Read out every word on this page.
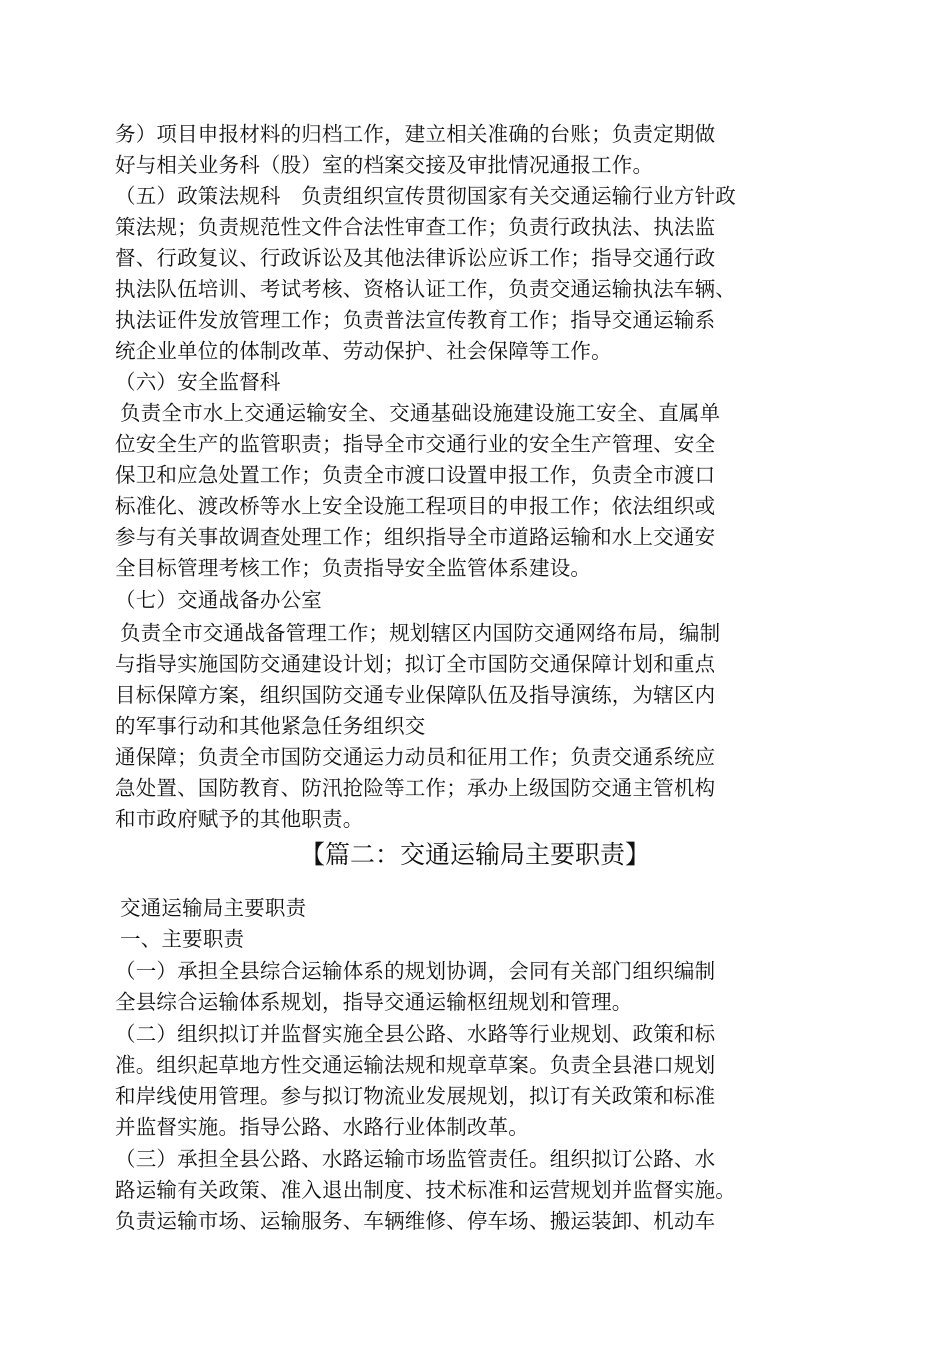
务）项目申报材料的归档工作，建立相关准确的台账；负责定期做
好与相关业务科（股）室的档案交接及审批情况通报工作。
（五）政策法规科　负责组织宣传贯彻国家有关交通运输行业方针政
策法规；负责规范性文件合法性审查工作；负责行政执法、执法监
督、行政复议、行政诉讼及其他法律诉讼应诉工作；指导交通行政
执法队伍培训、考试考核、资格认证工作，负责交通运输执法车辆、
执法证件发放管理工作；负责普法宣传教育工作；指导交通运输系
统企业单位的体制改革、劳动保护、社会保障等工作。
（六）安全监督科
负责全市水上交通运输安全、交通基础设施建设施工安全、直属单
位安全生产的监管职责；指导全市交通行业的安全生产管理、安全
保卫和应急处置工作；负责全市渡口设置申报工作，负责全市渡口
标准化、渡改桥等水上安全设施工程项目的申报工作；依法组织或
参与有关事故调查处理工作；组织指导全市道路运输和水上交通安
全目标管理考核工作；负责指导安全监管体系建设。
（七）交通战备办公室
负责全市交通战备管理工作；规划辖区内国防交通网络布局，编制
与指导实施国防交通建设计划；拟订全市国防交通保障计划和重点
目标保障方案，组织国防交通专业保障队伍及指导演练，为辖区内
的军事行动和其他紧急任务组织交
通保障；负责全市国防交通运力动员和征用工作；负责交通系统应
急处置、国防教育、防汛抢险等工作；承办上级国防交通主管机构
和市政府赋予的其他职责。
【篇二：交通运输局主要职责】
交通运输局主要职责
一、主要职责
（一）承担全县综合运输体系的规划协调，会同有关部门组织编制
全县综合运输体系规划，指导交通运输枢纽规划和管理。
（二）组织拟订并监督实施全县公路、水路等行业规划、政策和标
准。组织起草地方性交通运输法规和规章草案。负责全县港口规划
和岸线使用管理。参与拟订物流业发展规划，拟订有关政策和标准
并监督实施。指导公路、水路行业体制改革。
（三）承担全县公路、水路运输市场监管责任。组织拟订公路、水
路运输有关政策、准入退出制度、技术标准和运营规划并监督实施。
负责运输市场、运输服务、车辆维修、停车场、搬运装卸、机动车
